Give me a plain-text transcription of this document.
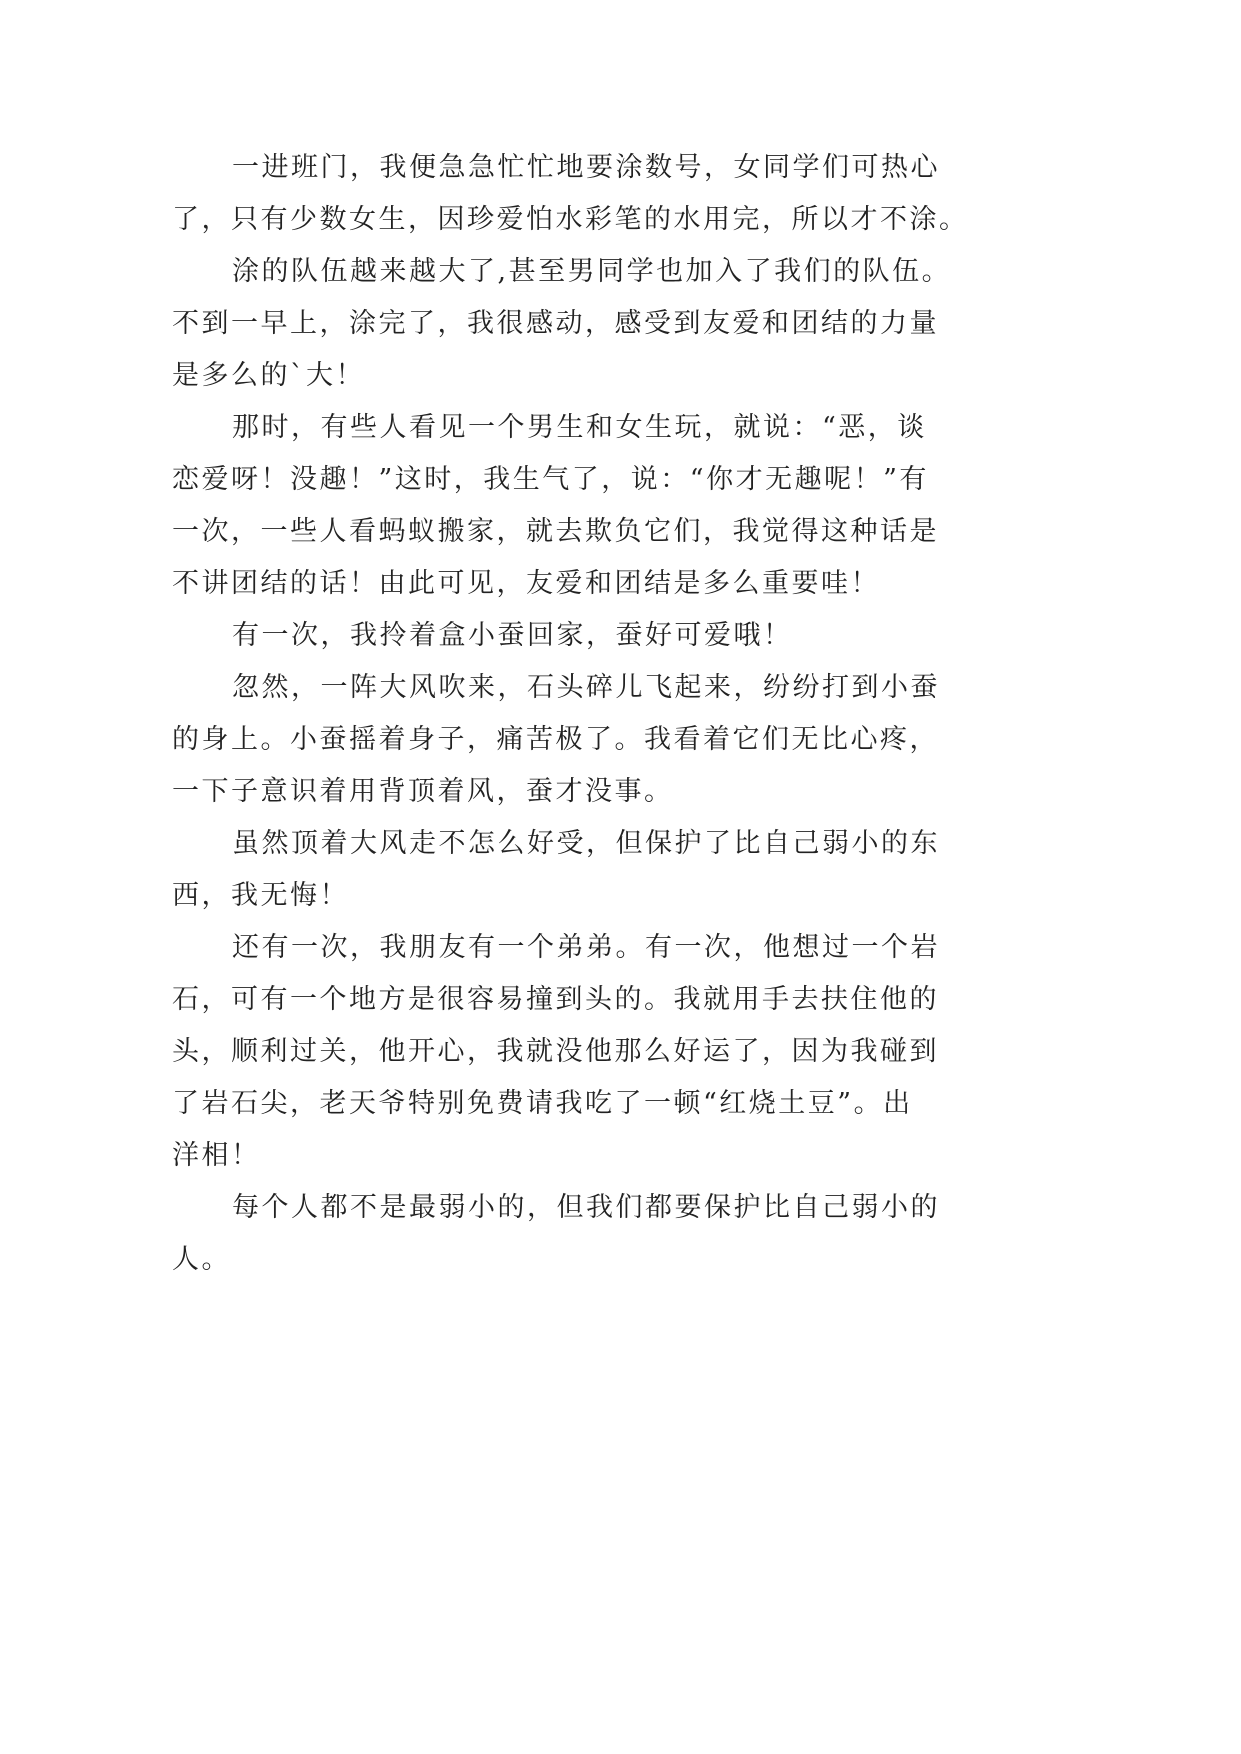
一进班门，我便急急忙忙地要涂数号，女同学们可热心
了，只有少数女生，因珍爱怕水彩笔的水用完，所以才不涂。
涂的队伍越来越大了,甚至男同学也加入了我们的队伍。
不到一早上，涂完了，我很感动，感受到友爱和团结的力量
是多么的`大！
那时，有些人看见一个男生和女生玩，就说：“恶，谈
恋爱呀！没趣！”这时，我生气了，说：“你才无趣呢！”有
一次，一些人看蚂蚁搬家，就去欺负它们，我觉得这种话是
不讲团结的话！由此可见，友爱和团结是多么重要哇！
有一次，我拎着盒小蚕回家，蚕好可爱哦！
忽然，一阵大风吹来，石头碎儿飞起来，纷纷打到小蚕
的身上。小蚕摇着身子，痛苦极了。我看着它们无比心疼，
一下子意识着用背顶着风，蚕才没事。
虽然顶着大风走不怎么好受，但保护了比自己弱小的东
西，我无悔！
还有一次，我朋友有一个弟弟。有一次，他想过一个岩
石，可有一个地方是很容易撞到头的。我就用手去扶住他的
头，顺利过关，他开心，我就没他那么好运了，因为我碰到
了岩石尖，老天爷特别免费请我吃了一顿“红烧土豆”。出
洋相！
每个人都不是最弱小的，但我们都要保护比自己弱小的
人。
